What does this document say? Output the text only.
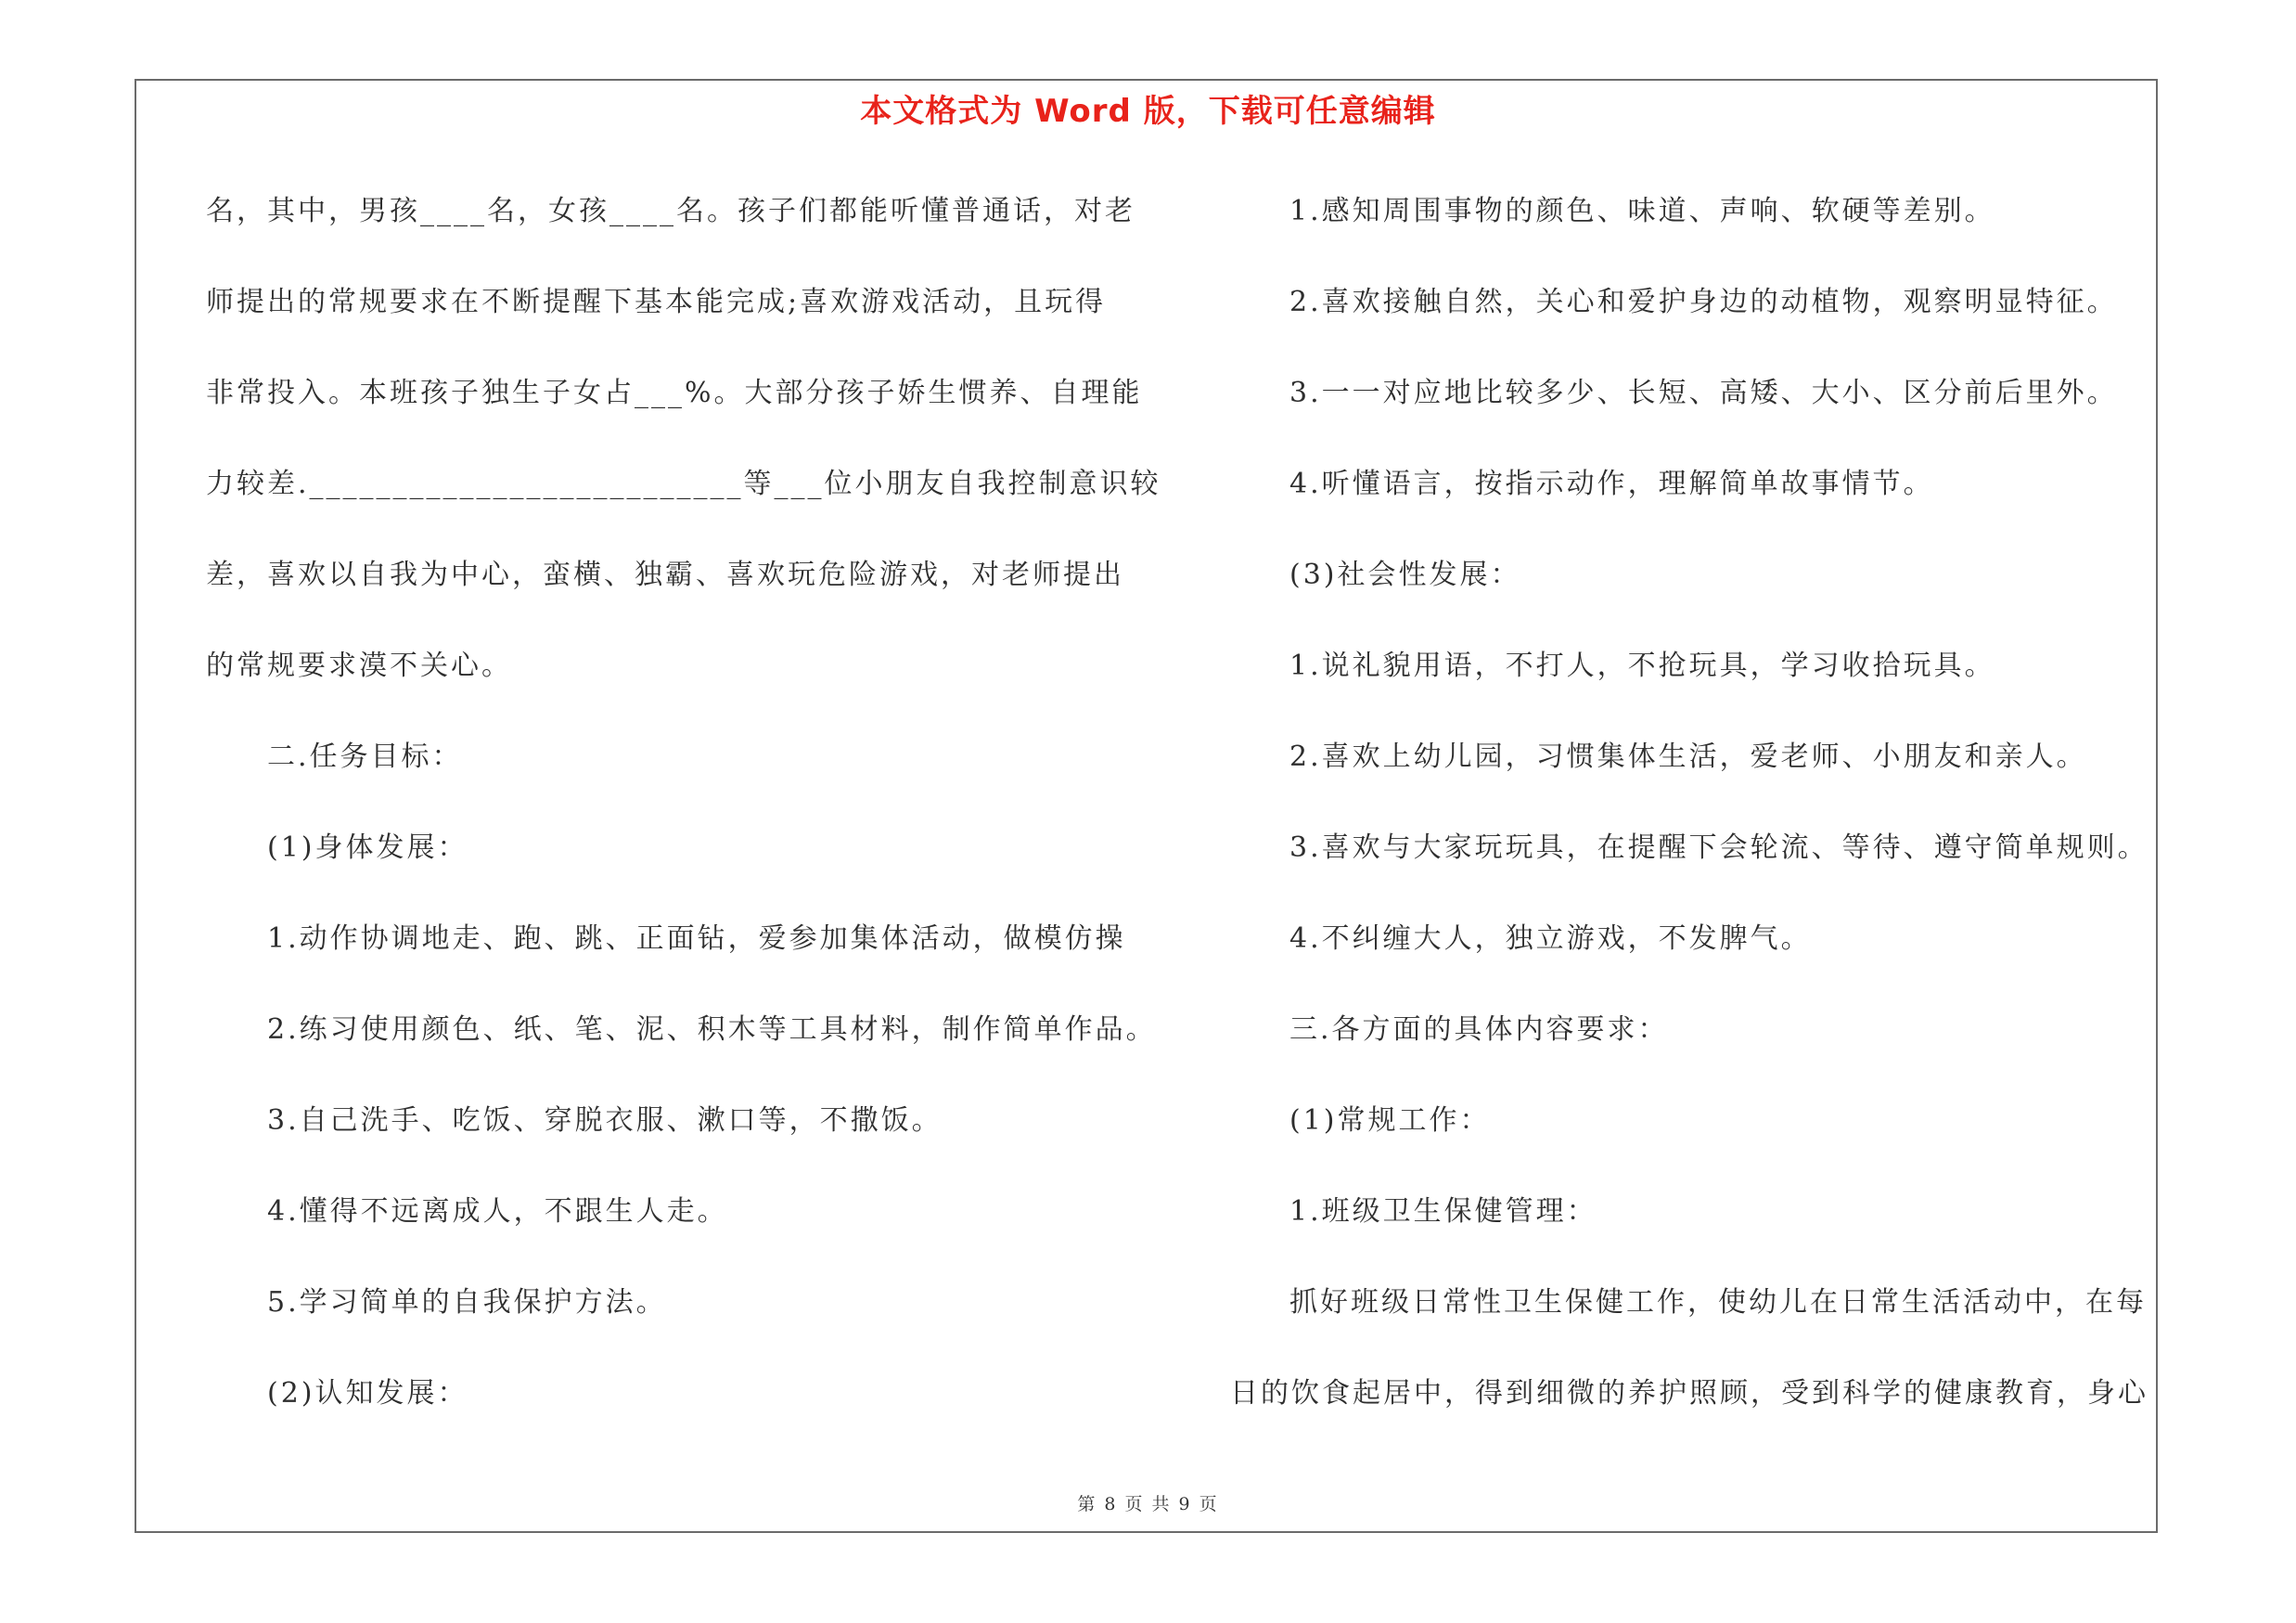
本文格式为 Word 版，下载可任意编辑
名，其中，男孩____名，女孩____名。孩子们都能听懂普通话，对老
师提出的常规要求在不断提醒下基本能完成;喜欢游戏活动，且玩得
非常投入。本班孩子独生子女占___%。大部分孩子娇生惯养、自理能
力较差.__________________________等___位小朋友自我控制意识较
差，喜欢以自我为中心，蛮横、独霸、喜欢玩危险游戏，对老师提出
的常规要求漠不关心。
二.任务目标：
(1)身体发展：
1.动作协调地走、跑、跳、正面钻，爱参加集体活动，做模仿操
2.练习使用颜色、纸、笔、泥、积木等工具材料，制作简单作品。
3.自己洗手、吃饭、穿脱衣服、漱口等，不撒饭。
4.懂得不远离成人，不跟生人走。
5.学习简单的自我保护方法。
(2)认知发展：
1.感知周围事物的颜色、味道、声响、软硬等差别。
2.喜欢接触自然，关心和爱护身边的动植物，观察明显特征。
3.一一对应地比较多少、长短、高矮、大小、区分前后里外。
4.听懂语言，按指示动作，理解简单故事情节。
(3)社会性发展：
1.说礼貌用语，不打人，不抢玩具，学习收拾玩具。
2.喜欢上幼儿园，习惯集体生活，爱老师、小朋友和亲人。
3.喜欢与大家玩玩具，在提醒下会轮流、等待、遵守简单规则。
4.不纠缠大人，独立游戏，不发脾气。
三.各方面的具体内容要求：
(1)常规工作：
1.班级卫生保健管理：
抓好班级日常性卫生保健工作，使幼儿在日常生活活动中，在每
日的饮食起居中，得到细微的养护照顾，受到科学的健康教育，身心
第 8 页 共 9 页
